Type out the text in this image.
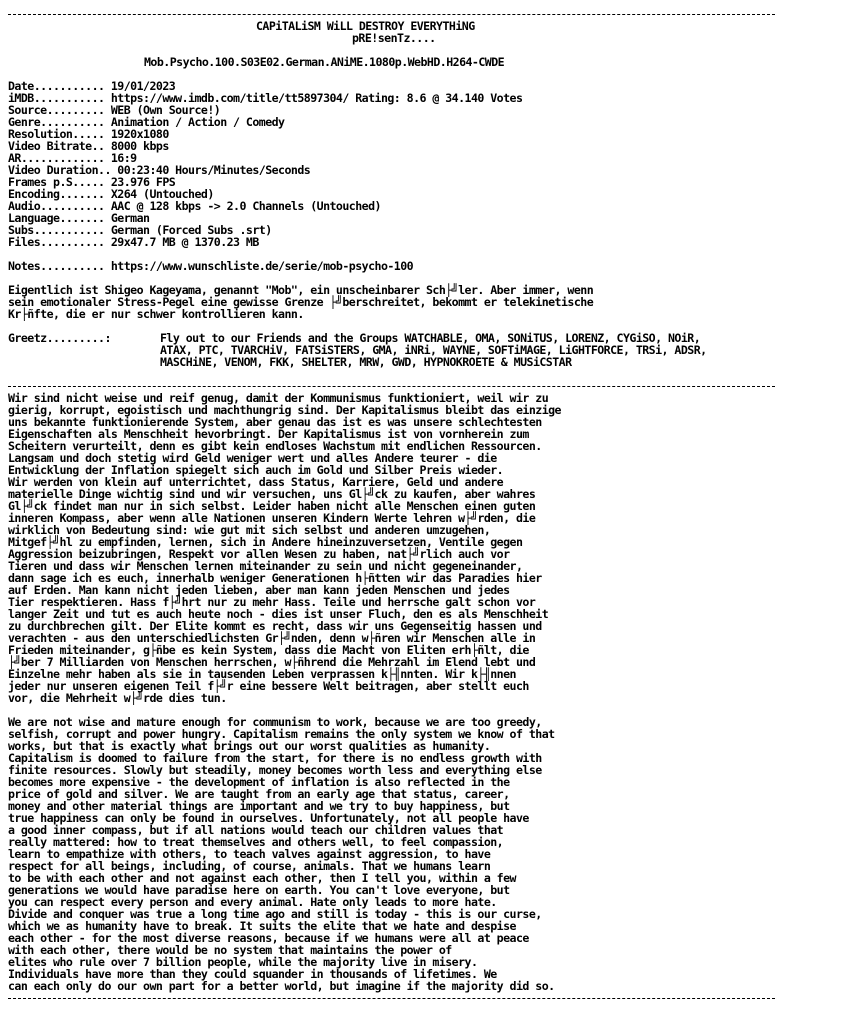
CAPiTALiSM WiLL DESTROY EVERYTHiNG
pRE!senTz....
Mob.Psycho.100.S03E02.German.ANiME.1080p.WebHD.H264-CWDE
Date........... 19/01/2023
iMDB........... https://www.imdb.com/title/tt5897304/ Rating: 8.6 @ 34.140 Votes
Source......... WEB (Own Source!)
Genre.......... Animation / Action / Comedy
Resolution..... 1920x1080
Video Bitrate.. 8000 kbps
AR............. 16:9
Video Duration.. 00:23:40 Hours/Minutes/Seconds
Frames p.S..... 23.976 FPS
Encoding....... X264 (Untouched)
Audio.......... AAC @ 128 kbps -> 2.0 Channels (Untouched)
Language....... German
Subs........... German (Forced Subs .srt)
Files.......... 29x47.7 MB @ 1370.23 MB
Notes.......... https://www.wunschliste.de/serie/mob-psycho-100
Eigentlich ist Shigeo Kageyama, genannt "Mob", ein unscheinbarer Sch├╝ler. Aber immer, wenn
sein emotionaler Stress-Pegel eine gewisse Grenze ├╝berschreitet, bekommt er telekinetische
Kr├ñfte, die er nur schwer kontrollieren kann.
Greetz.........:	Fly out to our Friends and the Groups WATCHABLE, OMA, SONiTUS, LORENZ, CYGiSO, NOiR,
ATAX, PTC, TVARCHiV, FATSiSTERS, GMA, iNRi, WAYNE, SOFTiMAGE, LiGHTFORCE, TRSi, ADSR,
MASCHiNE, VENOM, FKK, SHELTER, MRW, GWD, HYPNOKROETE & MUSiCSTAR
Wir sind nicht weise und reif genug, damit der Kommunismus funktioniert, weil wir zu
gierig, korrupt, egoistisch und machthungrig sind. Der Kapitalismus bleibt das einzige
uns bekannte funktionierende System, aber genau das ist es was unsere schlechtesten
Eigenschaften als Menschheit hevorbringt. Der Kapitalismus ist von vornherein zum
Scheitern verurteilt, denn es gibt kein endloses Wachstum mit endlichen Ressourcen.
Langsam und doch stetig wird Geld weniger wert und alles Andere teurer - die
Entwicklung der Inflation spiegelt sich auch im Gold und Silber Preis wieder.
Wir werden von klein auf unterrichtet, dass Status, Karriere, Geld und andere
materielle Dinge wichtig sind und wir versuchen, uns Gl├╝ck zu kaufen, aber wahres
Gl├╝ck findet man nur in sich selbst. Leider haben nicht alle Menschen einen guten
inneren Kompass, aber wenn alle Nationen unseren Kindern Werte lehren w├╝rden, die
wirklich von Bedeutung sind: wie gut mit sich selbst und anderen umzugehen,
Mitgef├╝hl zu empfinden, lernen, sich in Andere hineinzuversetzen, Ventile gegen
Aggression beizubringen, Respekt vor allen Wesen zu haben, nat├╝rlich auch vor
Tieren und dass wir Menschen lernen miteinander zu sein und nicht gegeneinander,
dann sage ich es euch, innerhalb weniger Generationen h├ñtten wir das Paradies hier
auf Erden. Man kann nicht jeden lieben, aber man kann jeden Menschen und jedes
Tier respektieren. Hass f├╝hrt nur zu mehr Hass. Teile und herrsche galt schon vor
langer Zeit und tut es auch heute noch - dies ist unser Fluch, den es als Menschheit
zu durchbrechen gilt. Der Elite kommt es recht, dass wir uns Gegenseitig hassen und
verachten - aus den unterschiedlichsten Gr├╝nden, denn w├ñren wir Menschen alle in
Frieden miteinander, g├ñbe es kein System, dass die Macht von Eliten erh├ñlt, die
├╝ber 7 Milliarden von Menschen herrschen, w├ñhrend die Mehrzahl im Elend lebt und
Einzelne mehr haben als sie in tausenden Leben verprassen k├╢nnten. Wir k├╢nnen
jeder nur unseren eigenen Teil f├╝r eine bessere Welt beitragen, aber stellt euch
vor, die Mehrheit w├╝rde dies tun.
We are not wise and mature enough for communism to work, because we are too greedy,
selfish, corrupt and power hungry. Capitalism remains the only system we know of that
works, but that is exactly what brings out our worst qualities as humanity.
Capitalism is doomed to failure from the start, for there is no endless growth with
finite resources. Slowly but steadily, money becomes worth less and everything else
becomes more expensive - the development of inflation is also reflected in the
price of gold and silver. We are taught from an early age that status, career,
money and other material things are important and we try to buy happiness, but
true happiness can only be found in ourselves. Unfortunately, not all people have
a good inner compass, but if all nations would teach our children values that
really mattered: how to treat themselves and others well, to feel compassion,
learn to empathize with others, to teach valves against aggression, to have
respect for all beings, including, of course, animals. That we humans learn
to be with each other and not against each other, then I tell you, within a few
generations we would have paradise here on earth. You can't love everyone, but
you can respect every person and every animal. Hate only leads to more hate.
Divide and conquer was true a long time ago and still is today - this is our curse,
which we as humanity have to break. It suits the elite that we hate and despise
each other - for the most diverse reasons, because if we humans were all at peace
with each other, there would be no system that maintains the power of
elites who rule over 7 billion people, while the majority live in misery.
Individuals have more than they could squander in thousands of lifetimes. We
can each only do our own part for a better world, but imagine if the majority did so.
